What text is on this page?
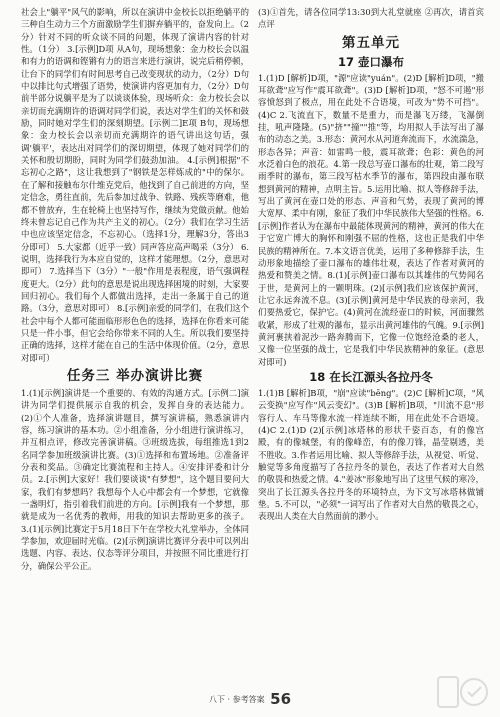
社会上"躺平"风气的影响，所以在演讲中金校长以拒绝躺平的三种自生动力三个方面激励学生们摒弃躺平的，奋发向上。（2分）针对不同的听众谈不同的问题，体现了演讲内容的针对性。（1分） 3.[示例]D项 从A句，现场想象：金力校长会以温和有力的语调和铿锵有力的语言来进行演讲，说完后稍停顿，让台下的同学们有时间思考自己改变现状的动力，（2分）D句中以排比句式增强了语势，使演讲内容更加有力，（2分）D句前半部分说躺平是为了以谈谈体验，现场听众：金力校长会以亲切而充满期许的语调对同学们说，表达对学生们的关怀和鼓励，同时她对学生们的深刻期望。[示例二]E项 B句，现场想象：金力校长会以亲切而充满期许的语气讲出这句话，强调'躺平'，表达出对同学们的深切期望，体现了她对同学们的关怀和殷切期盼，同时为同学们鼓劲加油。 4.[示例]根据"不忘初心之路"，这让我想到了"钢铁是怎样炼成的"中的保尔。在了解和接触布尔什维克党后，他找到了自己前进的方向，坚定信念，勇往直前，先后参加过战争、铁路、残疾等磨难，他都不曾放弃，生在轮椅上也坚持写作，继续为党做贡献。他始终未曾忘记自己作为共产主义的初心。（2分）我们在学习生活中也应该坚定信念，不忘初心。（选择1分，理解3分，答出3分即可） 5.大家都（近乎一致）同声答应高声喝采（3分） 6.说明，选择我行为本应自觉的，这样才能理想。（2分，意思对即可） 7.选择当下（3分）"一般"作用是表程度，语气强调程度更大。（2分）此句的意思是说出现选择困境的时刻，大家要回归初心。我们每个人都做出选择，走出一条属于自己的道路。（3分，意思对即可） 8.[示例]亲爱的同学们，在我们这个社会中每个人都可能面临形形色色的选择，选择在你看来可能只是一件小事，但它会给你带来不同的人生。所以我们要坚持正确的选择，这样才能在自己的生活中体现价值。（2分，意思对即可）

任务三 举办演讲比赛

1.(1)[示例]演讲是一个重要的、有效的沟通方式。[示例二]演讲为同学们提供展示自我的机会，发挥自身的表达能力。(2)①个人准备，选择演讲题目，撰写演讲稿，熟悉演讲内容，练习演讲的基本功。②小组准备，分小组进行演讲练习，并互相点评，修改完善演讲稿。③班级选拔，每组推选1到2名同学参加班级演讲比赛。(3)①选择和布置场地。②准备评分表和奖品。③确定比赛流程和主持人。④安排评委和计分员。2.[示例]大家好！我们要谈谈"有梦想"，这个题目要问大家，我们有梦想吗？我想每个人心中都会有一个梦想，它就像一盏明灯，指引着我们前进的方向。[示例]我有一个梦想，那就是成为一名优秀的教师，用我的知识去帮助更多的孩子。 3.(1)[示例]比赛定于5月18日下午在学校大礼堂举办，全体同学参加，欢迎届时光临。(2)[示例]演讲比赛评分表中可以列出选题、内容、表达、仪态等评分项目，并按照不同比重进行打分，确保公平公正。

(3)①首先，请各位同学13:30到大礼堂就座 ②再次，请首宾点评

第五单元
17 壶口瀑布

1.(1)D [解析]D项，"源"应读"yuán"。(2)D [解析]D项，"搬耳欲聋"应写作"震耳欲聋"。(3)D [解析]D项，"怒不可遏"形容愤怒到了极点，用在此处不合语境，可改为"势不可挡"。(4)C 2.飞流直下，数量不是重力，而是瀑飞万缕，飞瀑倒挂，吼声隆隆。(5)"挤""撞""推"等，均用拟人手法写出了瀑布的动态之美。3.形态：黄河水从河道奔流而下，水流湍急，形态各异；声音：如雷鸣一般，震耳欲聋；色彩：黄色的河水泛着白色的浪花。4.第一段总写壶口瀑布的壮观，第二段写雨季时的瀑布，第三段写枯水季节的瀑布，第四段由瀑布联想到黄河的精神，点明主旨。5.运用比喻、拟人等修辞手法，写出了黄河在壶口处的形态、声音和气势，表现了黄河的博大宽厚、柔中有刚，象征了我们中华民族伟大坚强的性格。6.[示例]作者认为在瀑布中最能体现黄河的精神，黄河的伟大在于它宽广博大的胸怀和刚强不屈的性格，这也正是我们中华民族的精神所在。7.本文语言优美，运用了多种修辞手法，生动形象地描绘了壶口瀑布的雄伟壮观，表达了作者对黄河的热爱和赞美之情。8.(1)[示例]壶口瀑布以其雄伟的气势闻名于世，是黄河上的一颗明珠。(2)[示例]我们应该保护黄河，让它永远奔流不息。(3)[示例]黄河是中华民族的母亲河，我们要热爱它，保护它。(4)黄河在流经壶口的时候，河面骤然收紧，形成了壮观的瀑布，显示出黄河雄伟的气魄。9.[示例]黄河裹挟着泥沙一路奔腾而下，它像一位饱经沧桑的老人，又像一位坚强的战士，它是我们中华民族精神的象征。(意思对即可)

18 在长江源头各拉丹冬

1.(1)B [解析]B项，"崩"应读"bēng"。(2)C [解析]C项，"风云变换"应写作"风云变幻"。(3)B [解析]B项，"川流不息"形容行人、车马等像水流一样连续不断，用在此处不合语境。(4)C 2.(1)D (2)[示例]冰塔林的形状千姿百态，有的像宫殿，有的像城堡，有的像峰峦，有的像刀锋，晶莹剔透，美不胜收。3.作者运用比喻、拟人等修辞手法，从视觉、听觉、触觉等多角度描写了各拉丹冬的景色，表达了作者对大自然的敬畏和热爱之情。4."姜冰"形象地写出了这里气候的寒冷，突出了长江源头各拉丹冬的环境特点，为下文写冰塔林做铺垫。5.不可以，"必须"一词写出了作者对大自然的敬畏之心，表现出人类在大自然面前的渺小。

八下 · 参考答案 56
